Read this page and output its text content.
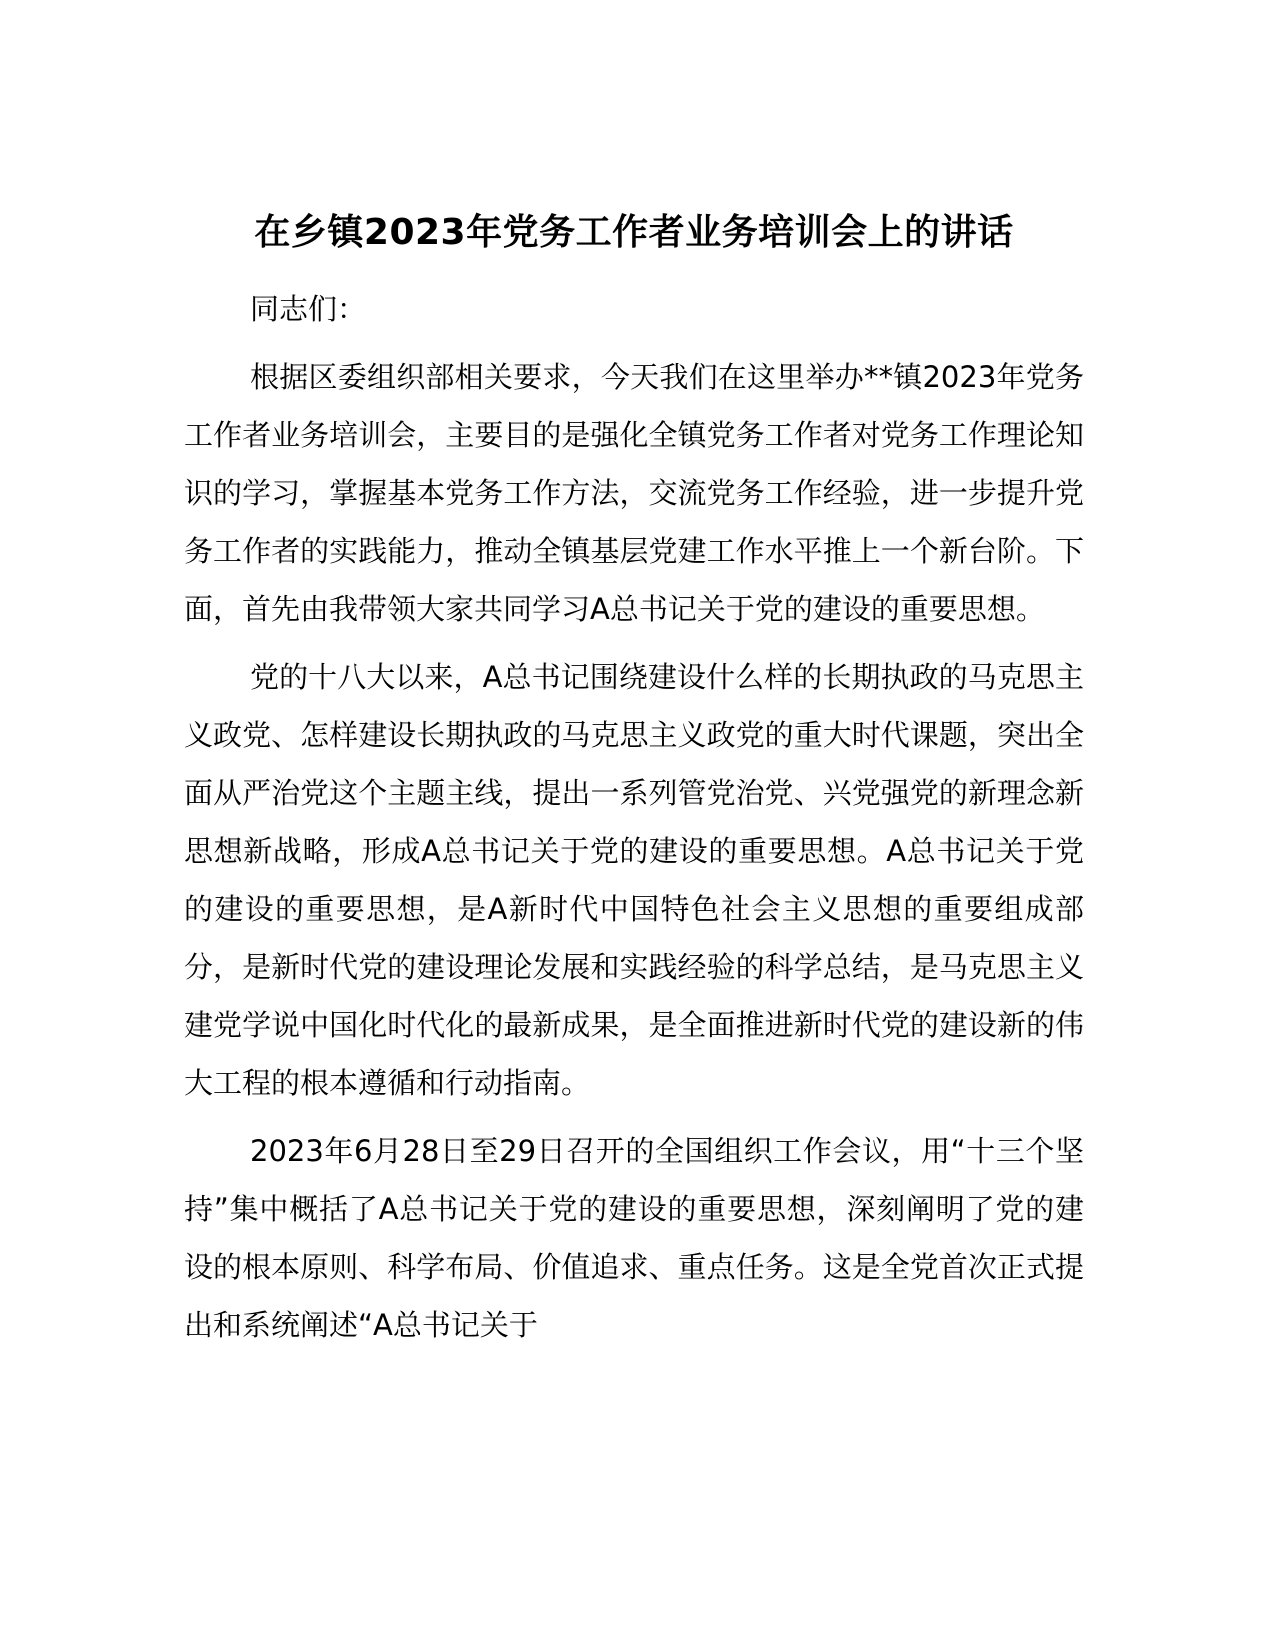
在乡镇2023年党务工作者业务培训会上的讲话

同志们：

根据区委组织部相关要求，今天我们在这里举办**镇2023年党务工作者业务培训会，主要目的是强化全镇党务工作者对党务工作理论知识的学习，掌握基本党务工作方法，交流党务工作经验，进一步提升党务工作者的实践能力，推动全镇基层党建工作水平推上一个新台阶。下面，首先由我带领大家共同学习A总书记关于党的建设的重要思想。

党的十八大以来，A总书记围绕建设什么样的长期执政的马克思主义政党、怎样建设长期执政的马克思主义政党的重大时代课题，突出全面从严治党这个主题主线，提出一系列管党治党、兴党强党的新理念新思想新战略，形成A总书记关于党的建设的重要思想。A总书记关于党的建设的重要思想，是A新时代中国特色社会主义思想的重要组成部分，是新时代党的建设理论发展和实践经验的科学总结，是马克思主义建党学说中国化时代化的最新成果，是全面推进新时代党的建设新的伟大工程的根本遵循和行动指南。

2023年6月28日至29日召开的全国组织工作会议，用“十三个坚持”集中概括了A总书记关于党的建设的重要思想，深刻阐明了党的建设的根本原则、科学布局、价值追求、重点任务。这是全党首次正式提出和系统阐述“A总书记关于
